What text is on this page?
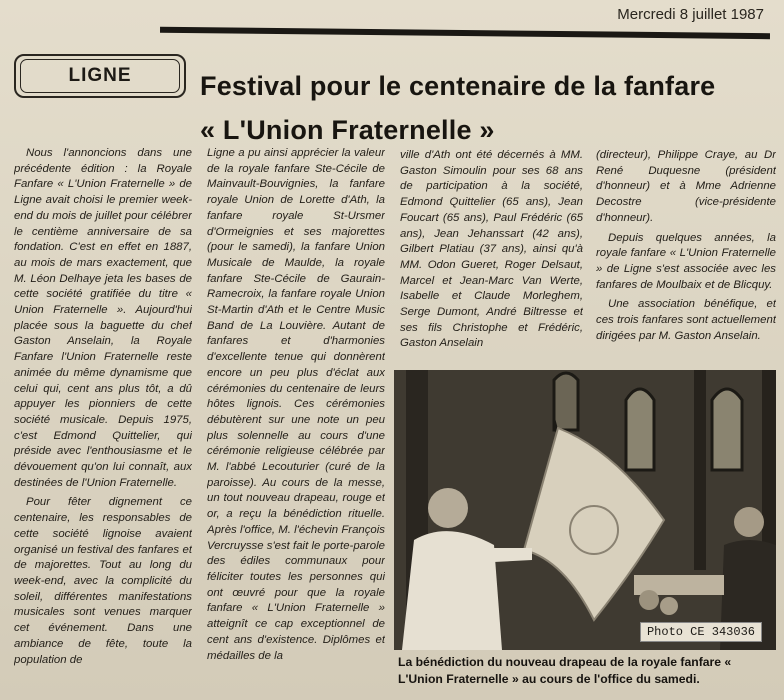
Mercredi 8 juillet 1987
LIGNE	Festival pour le centenaire de la fanfare
« L'Union Fraternelle »

Nous l'annoncions dans une précédente édition : la Royale Fanfare « L'Union Fraternelle » de Ligne avait choisi le premier week-end du mois de juillet pour célébrer le centième anniversaire de sa fondation. C'est en effet en 1887, au mois de mars exactement, que M. Léon Delhaye jeta les bases de cette société gratifiée du titre « Union Fraternelle ». Aujourd'hui placée sous la baguette du chef Gaston Anselain, la Royale Fanfare l'Union Fraternelle reste animée du même dynamisme que celui qui, cent ans plus tôt, a dû appuyer les pionniers de cette société musicale. Depuis 1975, c'est Edmond Quittelier, qui préside avec l'enthousiasme et le dévouement qu'on lui connaît, aux destinées de l'Union Fraternelle.

Pour fêter dignement ce centenaire, les responsables de cette société lignoise avaient organisé un festival des fanfares et de majorettes. Tout au long du week-end, avec la complicité du soleil, différentes manifestations musicales sont venues marquer cet événement. Dans une ambiance de fête, toute la population de

Ligne a pu ainsi apprécier la valeur de la royale fanfare Ste-Cécile de Mainvault-Bouvignies, la fanfare royale Union de Lorette d'Ath, la fanfare royale St-Ursmer d'Ormeignies et ses majorettes (pour le samedi), la fanfare Union Musicale de Maulde, la royale fanfare Ste-Cécile de Gaurain-Ramecroix, la fanfare royale Union St-Martin d'Ath et le Centre Music Band de La Louvière. Autant de fanfares et d'harmonies d'excellente tenue qui donnèrent encore un peu plus d'éclat aux cérémonies du centenaire de leurs hôtes lignois. Ces cérémonies débutèrent sur une note un peu plus solennelle au cours d'une cérémonie religieuse célébrée par M. l'abbé Lecouturier (curé de la paroisse). Au cours de la messe, un tout nouveau drapeau, rouge et or, a reçu la bénédiction rituelle. Après l'office, M. l'échevin François Vercruysse s'est fait le porte-parole des édiles communaux pour féliciter toutes les personnes qui ont œuvré pour que la royale fanfare « L'Union Fraternelle » atteignît ce cap exceptionnel de cent ans d'existence. Diplômes et médailles de la

ville d'Ath ont été décernés à MM. Gaston Simoulin pour ses 68 ans de participation à la société, Edmond Quittelier (65 ans), Jean Foucart (65 ans), Paul Frédéric (65 ans), Jean Jehanssart (42 ans), Gilbert Platiau (37 ans), ainsi qu'à MM. Odon Gueret, Roger Delsaut, Marcel et Jean-Marc Van Werte, Isabelle et Claude Morleghem, Serge Dumont, André Biltresse et ses fils Christophe et Frédéric, Gaston Anselain

(directeur), Philippe Craye, au Dr René Duquesne (président d'honneur) et à Mme Adrienne Decostre (vice-présidente d'honneur).

Depuis quelques années, la royale fanfare « L'Union Fraternelle » de Ligne s'est associée avec les fanfares de Moulbaix et de Blicquy.

Une association bénéfique, et ces trois fanfares sont actuellement dirigées par M. Gaston Anselain.

Photo CE 343036
La bénédiction du nouveau drapeau de la royale fanfare « L'Union Fraternelle » au cours de l'office du samedi.
